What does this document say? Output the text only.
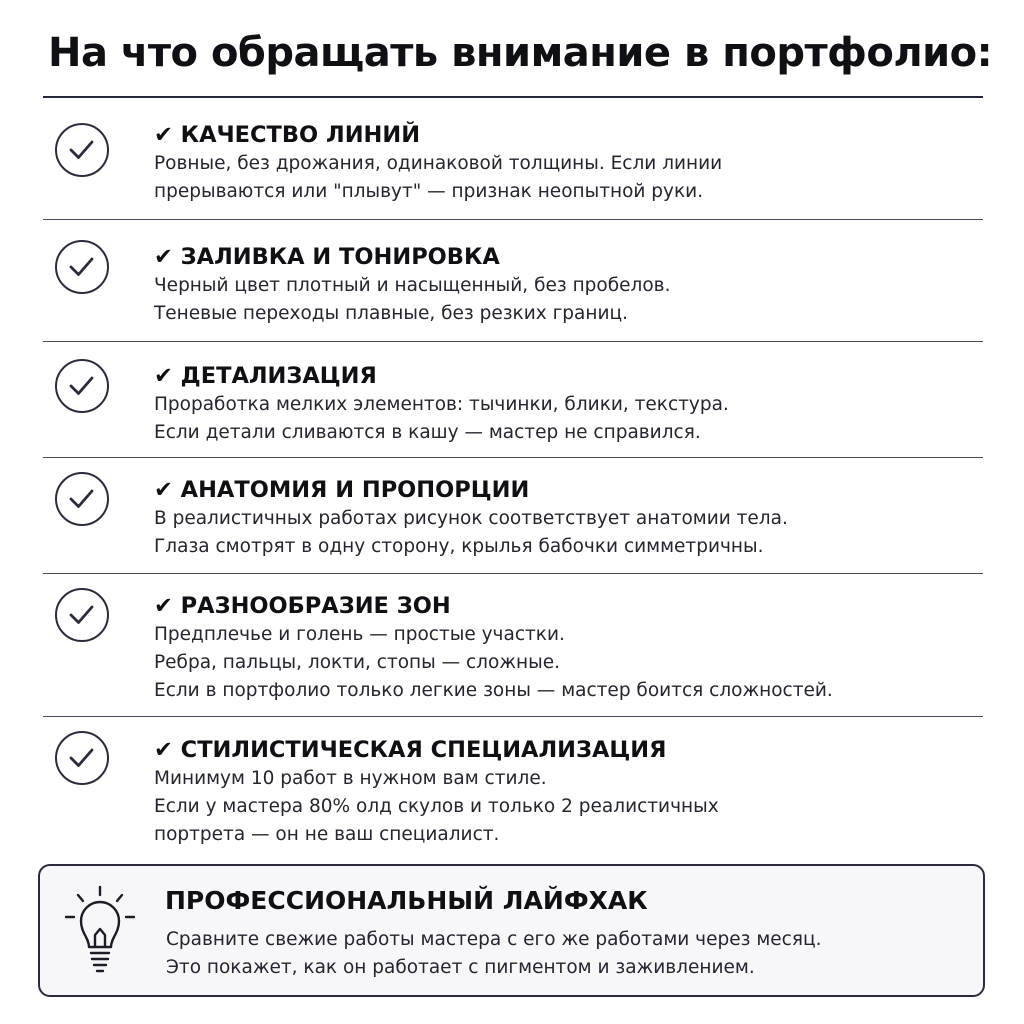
На что обращать внимание в портфолио:
✔ КАЧЕСТВО ЛИНИЙ
Ровные, без дрожания, одинаковой толщины. Если линии
прерываются или "плывут" — признак неопытной руки.
✔ ЗАЛИВКА И ТОНИРОВКА
Черный цвет плотный и насыщенный, без пробелов.
Теневые переходы плавные, без резких границ.
✔ ДЕТАЛИЗАЦИЯ
Проработка мелких элементов: тычинки, блики, текстура.
Если детали сливаются в кашу — мастер не справился.
✔ АНАТОМИЯ И ПРОПОРЦИИ
В реалистичных работах рисунок соответствует анатомии тела.
Глаза смотрят в одну сторону, крылья бабочки симметричны.
✔ РАЗНООБРАЗИЕ ЗОН
Предплечье и голень — простые участки.
Ребра, пальцы, локти, стопы — сложные.
Если в портфолио только легкие зоны — мастер боится сложностей.
✔ СТИЛИСТИЧЕСКАЯ СПЕЦИАЛИЗАЦИЯ
Минимум 10 работ в нужном вам стиле.
Если у мастера 80% олд скулов и только 2 реалистичных
портрета — он не ваш специалист.
ПРОФЕССИОНАЛЬНЫЙ ЛАЙФХАК
Сравните свежие работы мастера с его же работами через месяц.
Это покажет, как он работает с пигментом и заживлением.
